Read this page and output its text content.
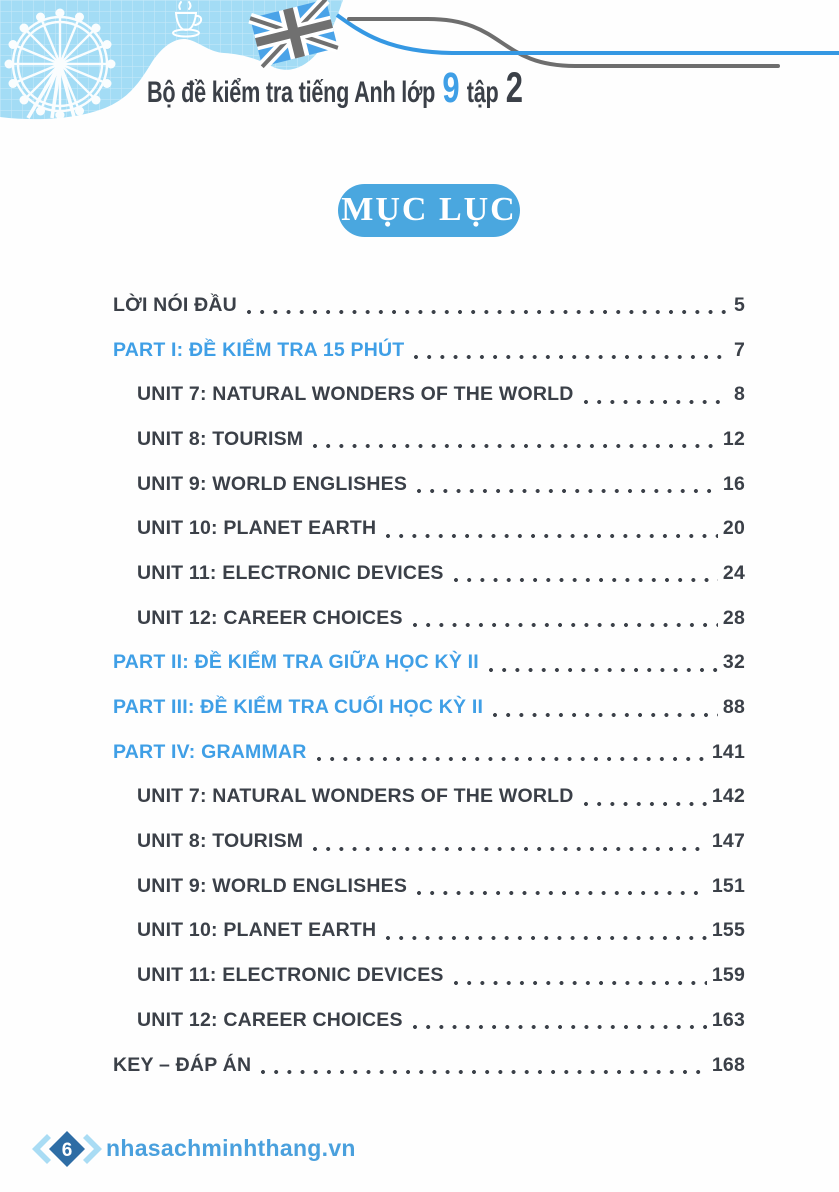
Bộ đề kiểm tra tiếng Anh lớp 9 tập 2
MỤC LỤC
LỜI NÓI ĐẦU	5
PART I: ĐỀ KIỂM TRA 15 PHÚT	7
UNIT 7: NATURAL WONDERS OF THE WORLD	8
UNIT 8: TOURISM	12
UNIT 9: WORLD ENGLISHES	16
UNIT 10: PLANET EARTH	20
UNIT 11: ELECTRONIC DEVICES	24
UNIT 12: CAREER CHOICES	28
PART II: ĐỀ KIỂM TRA GIỮA HỌC KỲ II	32
PART III: ĐỀ KIỂM TRA CUỐI HỌC KỲ II	88
PART IV: GRAMMAR	141
UNIT 7: NATURAL WONDERS OF THE WORLD	142
UNIT 8: TOURISM	147
UNIT 9: WORLD ENGLISHES	151
UNIT 10: PLANET EARTH	155
UNIT 11: ELECTRONIC DEVICES	159
UNIT 12: CAREER CHOICES	163
KEY – ĐÁP ÁN	168
6 nhasachminhthang.vn
